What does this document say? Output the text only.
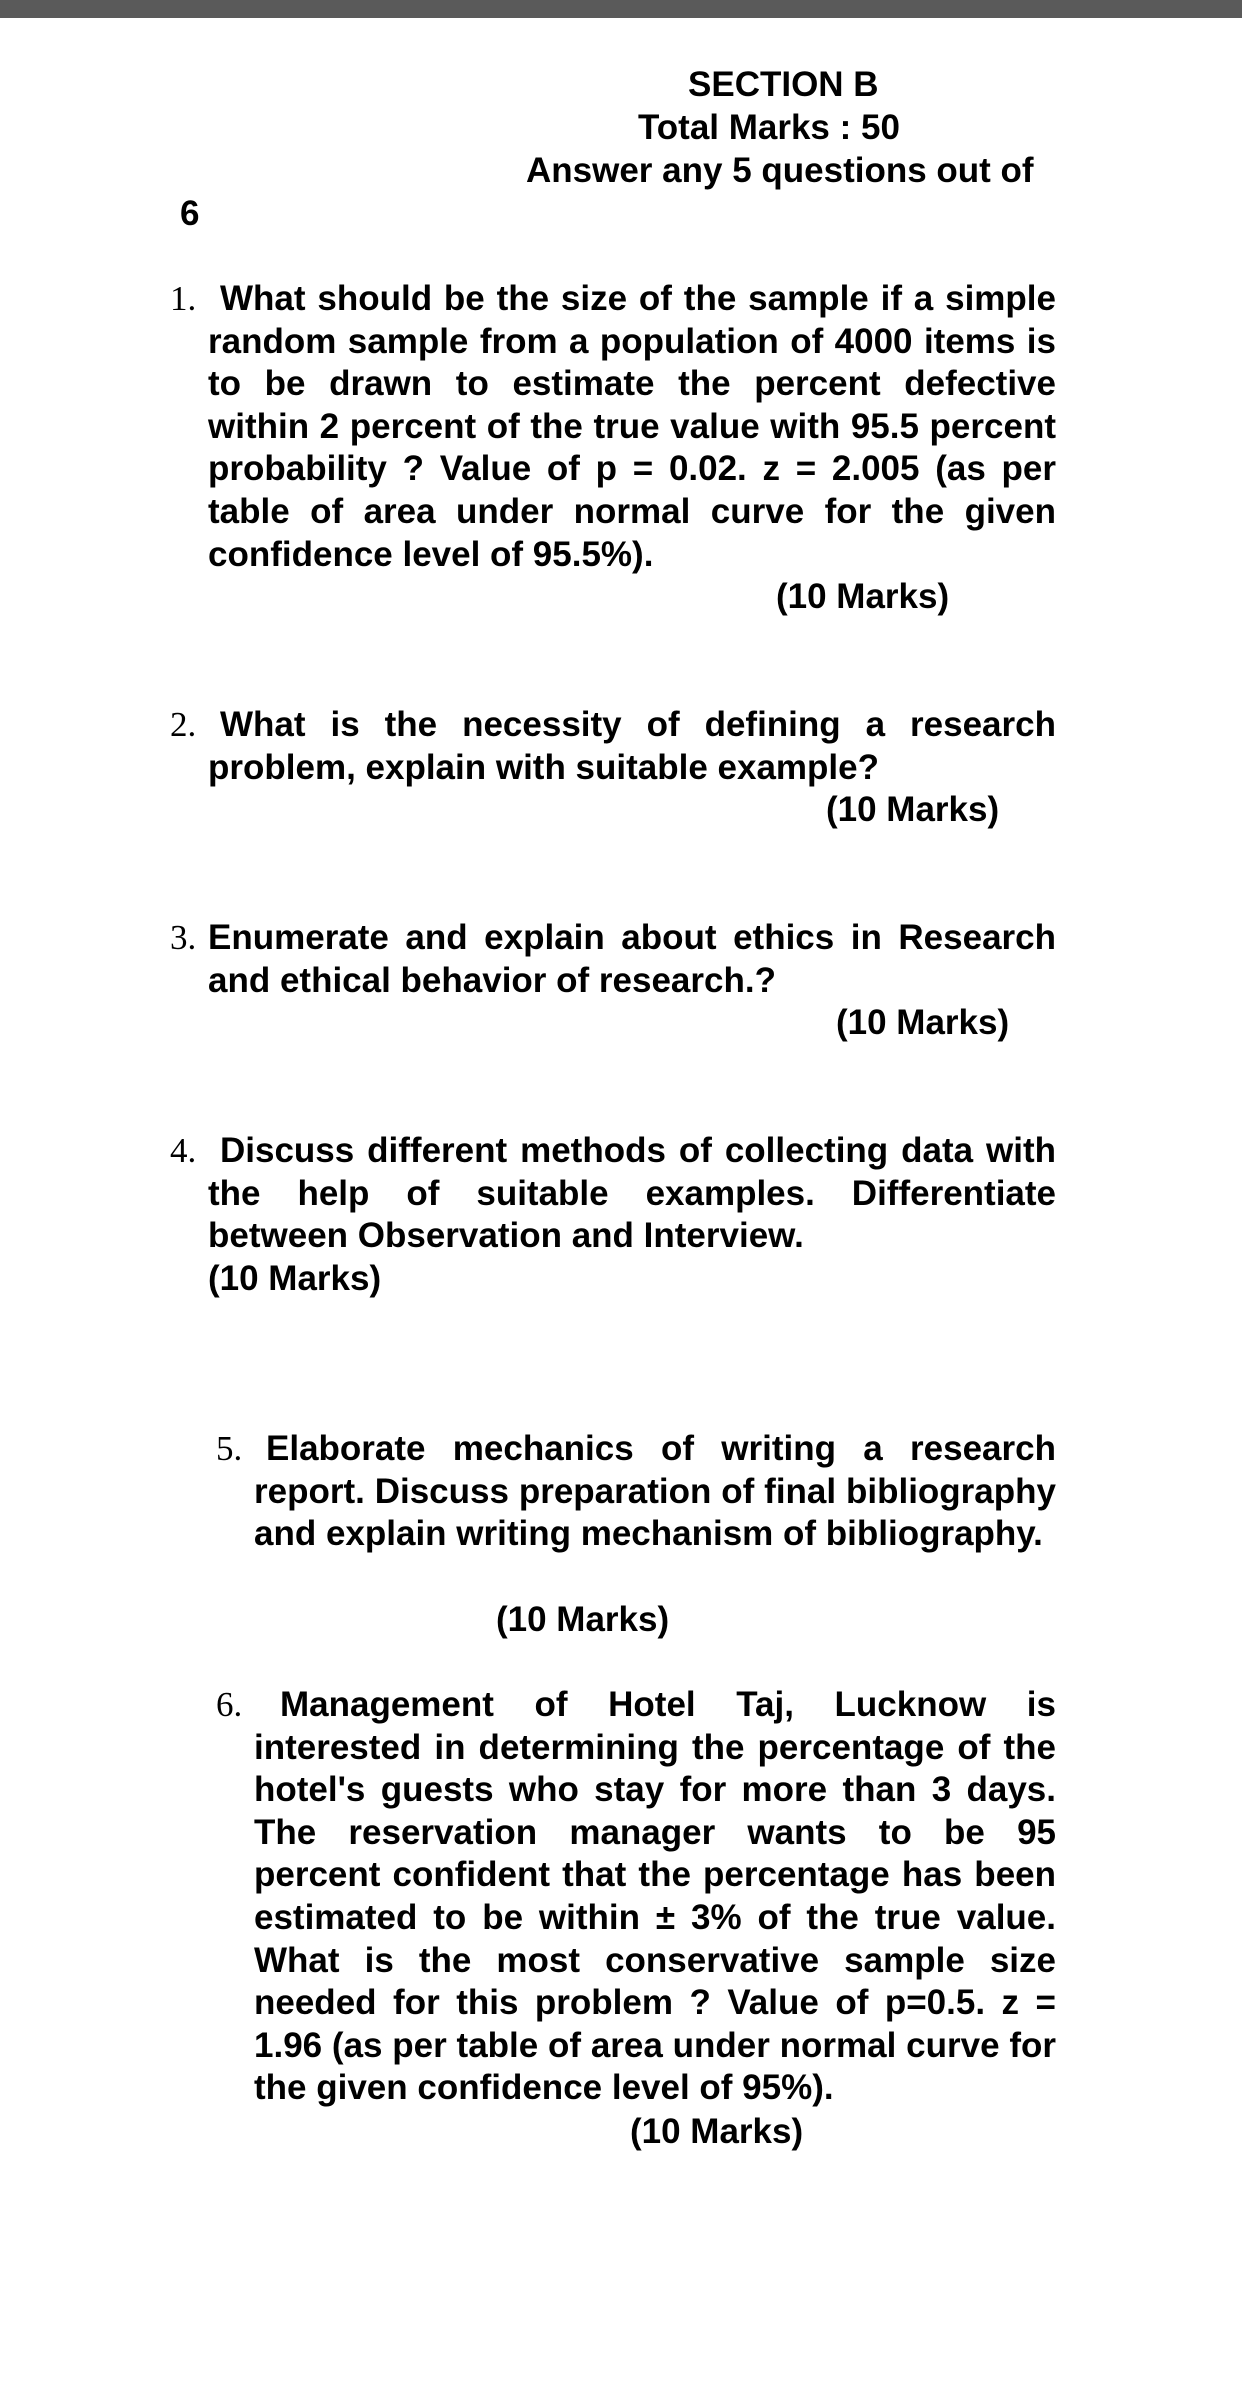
SECTION B
Total Marks : 50
Answer any 5 questions out of
6
1. What should be the size of the sample if a simple random sample from a population of 4000 items is to be drawn to estimate the percent defective within 2 percent of the true value with 95.5 percent probability ? Value of p = 0.02. z = 2.005 (as per table of area under normal curve for the given confidence level of 95.5%).
(10 Marks)
2. What is the necessity of defining a research problem, explain with suitable example?
(10 Marks)
3. Enumerate and explain about ethics in Research and ethical behavior of research.?
(10 Marks)
4. Discuss different methods of collecting data with the help of suitable examples. Differentiate between Observation and Interview.
(10 Marks)
5. Elaborate mechanics of writing a research report. Discuss preparation of final bibliography and explain writing mechanism of bibliography.
(10 Marks)
6.	Management of Hotel Taj, Lucknow is interested in determining the percentage of the hotel's guests who stay for more than 3 days. The reservation manager wants to be 95 percent confident that the percentage has been estimated to be within ± 3% of the true value. What is the most conservative sample size needed for this problem ? Value of p=0.5. z = 1.96 (as per table of area under normal curve for the given confidence level of 95%).
(10 Marks)
